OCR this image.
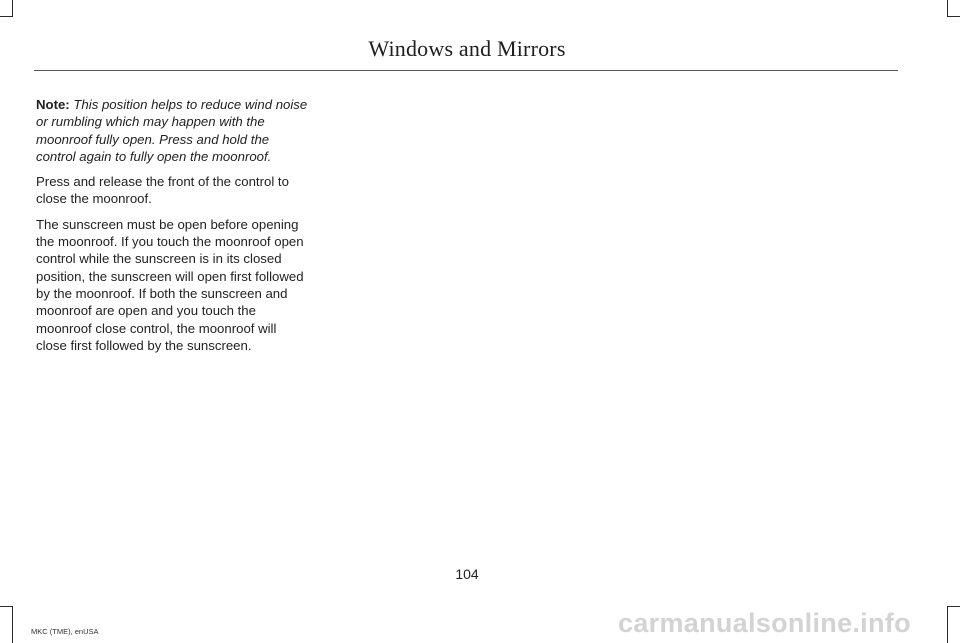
Windows and Mirrors

Note: This position helps to reduce wind noise or rumbling which may happen with the moonroof fully open. Press and hold the control again to fully open the moonroof.

Press and release the front of the control to close the moonroof.

The sunscreen must be open before opening the moonroof. If you touch the moonroof open control while the sunscreen is in its closed position, the sunscreen will open first followed by the moonroof. If both the sunscreen and moonroof are open and you touch the moonroof close control, the moonroof will close first followed by the sunscreen.

104
MKC (TME), enUSA	carmanualsonline.info
